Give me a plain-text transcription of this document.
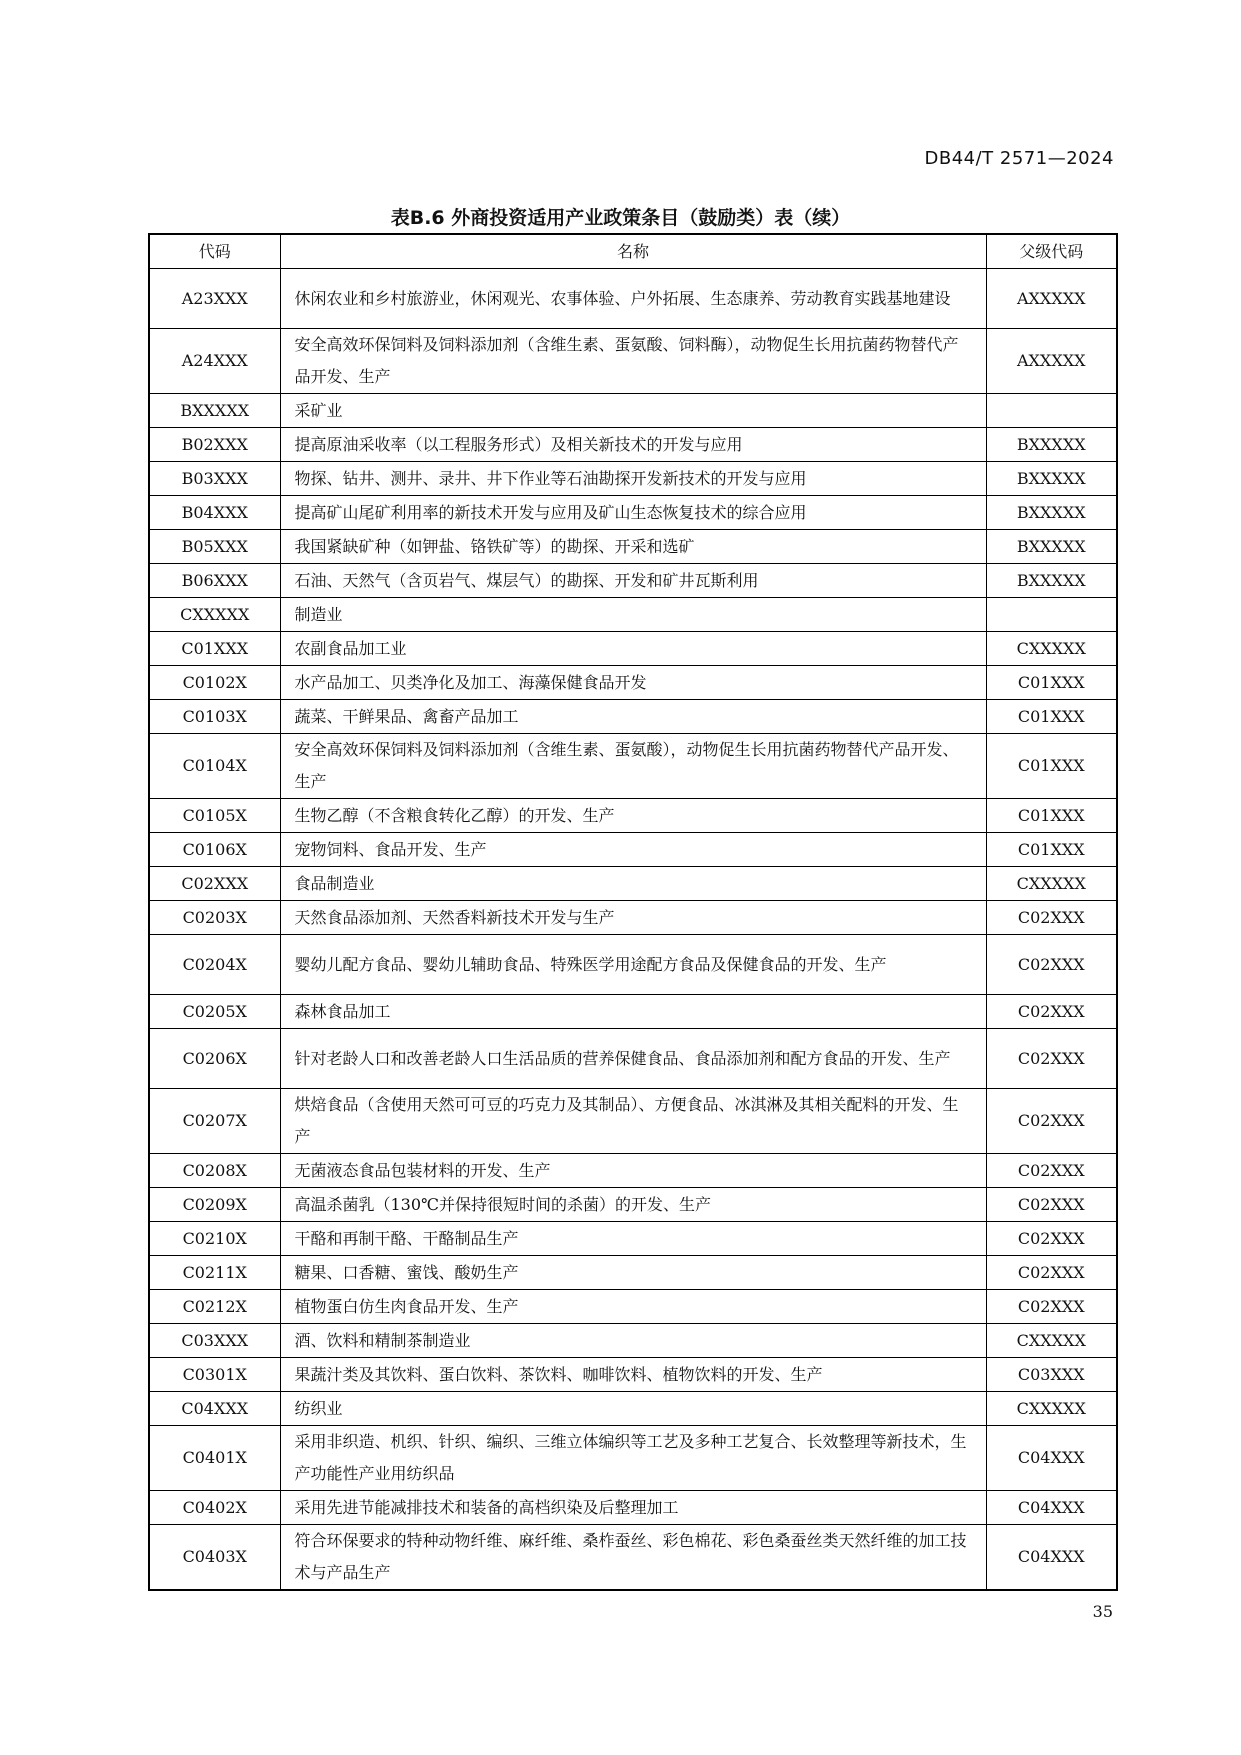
DB44/T 2571—2024
表B.6 外商投资适用产业政策条目（鼓励类）表（续）
代码	名称	父级代码
A23XXX	休闲农业和乡村旅游业，休闲观光、农事体验、户外拓展、生态康养、劳动教育实践基地建设	AXXXXX
A24XXX	安全高效环保饲料及饲料添加剂（含维生素、蛋氨酸、饲料酶），动物促生长用抗菌药物替代产品开发、生产	AXXXXX
BXXXXX	采矿业	
B02XXX	提高原油采收率（以工程服务形式）及相关新技术的开发与应用	BXXXXX
B03XXX	物探、钻井、测井、录井、井下作业等石油勘探开发新技术的开发与应用	BXXXXX
B04XXX	提高矿山尾矿利用率的新技术开发与应用及矿山生态恢复技术的综合应用	BXXXXX
B05XXX	我国紧缺矿种（如钾盐、铬铁矿等）的勘探、开采和选矿	BXXXXX
B06XXX	石油、天然气（含页岩气、煤层气）的勘探、开发和矿井瓦斯利用	BXXXXX
CXXXXX	制造业	
C01XXX	农副食品加工业	CXXXXX
C0102X	水产品加工、贝类净化及加工、海藻保健食品开发	C01XXX
C0103X	蔬菜、干鲜果品、禽畜产品加工	C01XXX
C0104X	安全高效环保饲料及饲料添加剂（含维生素、蛋氨酸），动物促生长用抗菌药物替代产品开发、生产	C01XXX
C0105X	生物乙醇（不含粮食转化乙醇）的开发、生产	C01XXX
C0106X	宠物饲料、食品开发、生产	C01XXX
C02XXX	食品制造业	CXXXXX
C0203X	天然食品添加剂、天然香料新技术开发与生产	C02XXX
C0204X	婴幼儿配方食品、婴幼儿辅助食品、特殊医学用途配方食品及保健食品的开发、生产	C02XXX
C0205X	森林食品加工	C02XXX
C0206X	针对老龄人口和改善老龄人口生活品质的营养保健食品、食品添加剂和配方食品的开发、生产	C02XXX
C0207X	烘焙食品（含使用天然可可豆的巧克力及其制品）、方便食品、冰淇淋及其相关配料的开发、生产	C02XXX
C0208X	无菌液态食品包装材料的开发、生产	C02XXX
C0209X	高温杀菌乳（130℃并保持很短时间的杀菌）的开发、生产	C02XXX
C0210X	干酪和再制干酪、干酪制品生产	C02XXX
C0211X	糖果、口香糖、蜜饯、酸奶生产	C02XXX
C0212X	植物蛋白仿生肉食品开发、生产	C02XXX
C03XXX	酒、饮料和精制茶制造业	CXXXXX
C0301X	果蔬汁类及其饮料、蛋白饮料、茶饮料、咖啡饮料、植物饮料的开发、生产	C03XXX
C04XXX	纺织业	CXXXXX
C0401X	采用非织造、机织、针织、编织、三维立体编织等工艺及多种工艺复合、长效整理等新技术，生产功能性产业用纺织品	C04XXX
C0402X	采用先进节能减排技术和装备的高档织染及后整理加工	C04XXX
C0403X	符合环保要求的特种动物纤维、麻纤维、桑柞蚕丝、彩色棉花、彩色桑蚕丝类天然纤维的加工技术与产品生产	C04XXX
35
